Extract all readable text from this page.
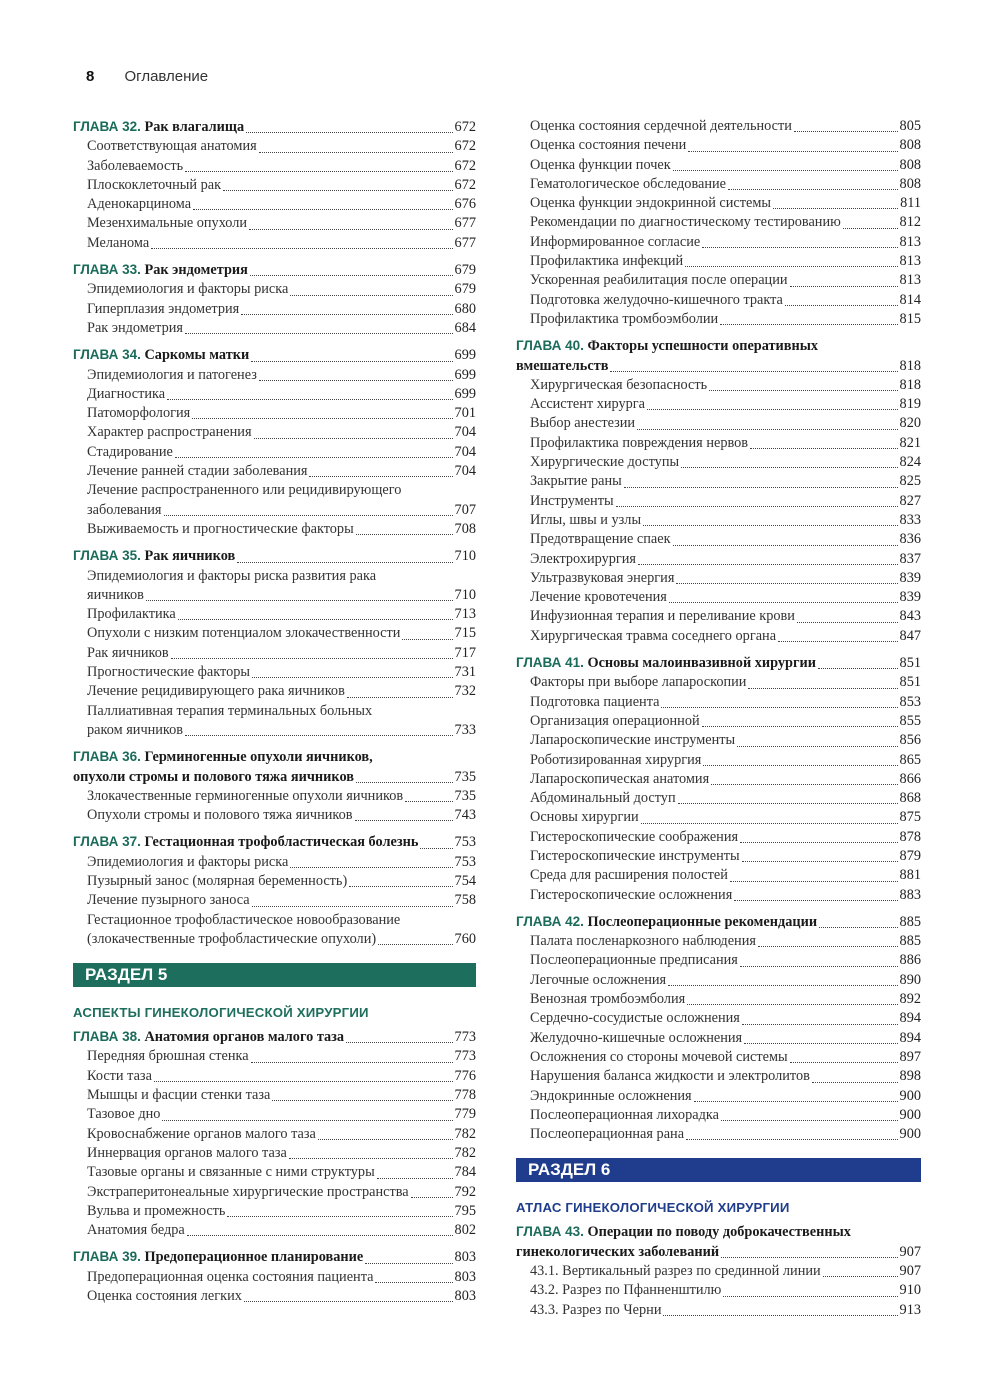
8 Оглавление
ГЛАВА 32. Рак влагалища	672
Соответствующая анатомия	672
Заболеваемость	672
Плоскоклеточный рак	672
Аденокарцинома	676
Мезенхимальные опухоли	677
Меланома	677
ГЛАВА 33. Рак эндометрия	679
Эпидемиология и факторы риска	679
Гиперплазия эндометрия	680
Рак эндометрия	684
ГЛАВА 34. Саркомы матки	699
Эпидемиология и патогенез	699
Диагностика	699
Патоморфология	701
Характер распространения	704
Стадирование	704
Лечение ранней стадии заболевания	704
Лечение распространенного или рецидивирующего
заболевания	707
Выживаемость и прогностические факторы	708
ГЛАВА 35. Рак яичников	710
Эпидемиология и факторы риска развития рака
яичников	710
Профилактика	713
Опухоли с низким потенциалом злокачественности	715
Рак яичников	717
Прогностические факторы	731
Лечение рецидивирующего рака яичников	732
Паллиативная терапия терминальных больных
раком яичников	733
ГЛАВА 36. Герминогенные опухоли яичников,
опухоли стромы и полового тяжа яичников	735
Злокачественные герминогенные опухоли яичников	735
Опухоли стромы и полового тяжа яичников	743
ГЛАВА 37. Гестационная трофобластическая болезнь	753
Эпидемиология и факторы риска	753
Пузырный занос (молярная беременность)	754
Лечение пузырного заноса	758
Гестационное трофобластическое новообразование
(злокачественные трофобластические опухоли)	760
РАЗДЕЛ 5
АСПЕКТЫ ГИНЕКОЛОГИЧЕСКОЙ ХИРУРГИИ
ГЛАВА 38. Анатомия органов малого таза	773
Передняя брюшная стенка	773
Кости таза	776
Мышцы и фасции стенки таза	778
Тазовое дно	779
Кровоснабжение органов малого таза	782
Иннервация органов малого таза	782
Тазовые органы и связанные с ними структуры	784
Экстраперитонеальные хирургические пространства	792
Вульва и промежность	795
Анатомия бедра	802
ГЛАВА 39. Предоперационное планирование	803
Предоперационная оценка состояния пациента	803
Оценка состояния легких	803
Оценка состояния сердечной деятельности	805
Оценка состояния печени	808
Оценка функции почек	808
Гематологическое обследование	808
Оценка функции эндокринной системы	811
Рекомендации по диагностическому тестированию	812
Информированное согласие	813
Профилактика инфекций	813
Ускоренная реабилитация после операции	813
Подготовка желудочно-кишечного тракта	814
Профилактика тромбоэмболии	815
ГЛАВА 40. Факторы успешности оперативных
вмешательств	818
Хирургическая безопасность	818
Ассистент хирурга	819
Выбор анестезии	820
Профилактика повреждения нервов	821
Хирургические доступы	824
Закрытие раны	825
Инструменты	827
Иглы, швы и узлы	833
Предотвращение спаек	836
Электрохирургия	837
Ультразвуковая энергия	839
Лечение кровотечения	839
Инфузионная терапия и переливание крови	843
Хирургическая травма соседнего органа	847
ГЛАВА 41. Основы малоинвазивной хирургии	851
Факторы при выборе лапароскопии	851
Подготовка пациента	853
Организация операционной	855
Лапароскопические инструменты	856
Роботизированная хирургия	865
Лапароскопическая анатомия	866
Абдоминальный доступ	868
Основы хирургии	875
Гистероскопические соображения	878
Гистероскопические инструменты	879
Среда для расширения полостей	881
Гистероскопические осложнения	883
ГЛАВА 42. Послеоперационные рекомендации	885
Палата посленаркозного наблюдения	885
Послеоперационные предписания	886
Легочные осложнения	890
Венозная тромбоэмболия	892
Сердечно-сосудистые осложнения	894
Желудочно-кишечные осложнения	894
Осложнения со стороны мочевой системы	897
Нарушения баланса жидкости и электролитов	898
Эндокринные осложнения	900
Послеоперационная лихорадка	900
Послеоперационная рана	900
РАЗДЕЛ 6
АТЛАС ГИНЕКОЛОГИЧЕСКОЙ ХИРУРГИИ
ГЛАВА 43. Операции по поводу доброкачественных
гинекологических заболеваний	907
43.1. Вертикальный разрез по срединной линии	907
43.2. Разрез по Пфанненштилю	910
43.3. Разрез по Черни	913
